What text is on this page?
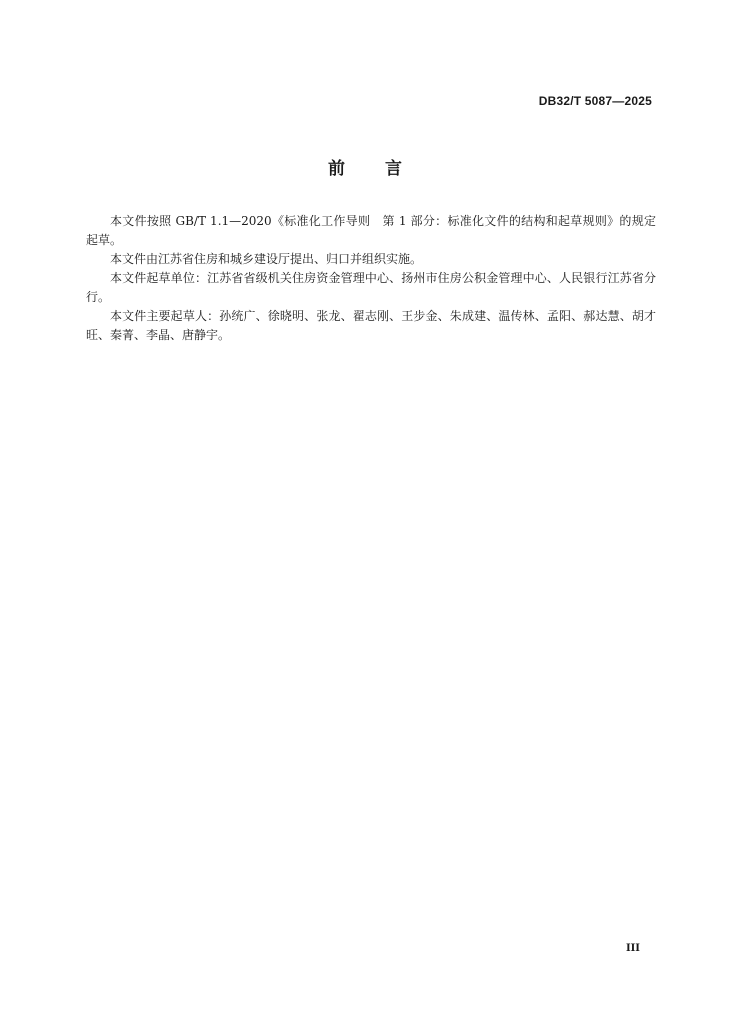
DB32/T 5087—2025
前 言

本文件按照 GB/T 1.1—2020《标准化工作导则　第 1 部分：标准化文件的结构和起草规则》的规定起草。

本文件由江苏省住房和城乡建设厅提出、归口并组织实施。

本文件起草单位：江苏省省级机关住房资金管理中心、扬州市住房公积金管理中心、人民银行江苏省分行。

本文件主要起草人：孙统广、徐晓明、张龙、翟志刚、王步金、朱成建、温传林、孟阳、郝达慧、胡才旺、秦菁、李晶、唐静宇。

III
